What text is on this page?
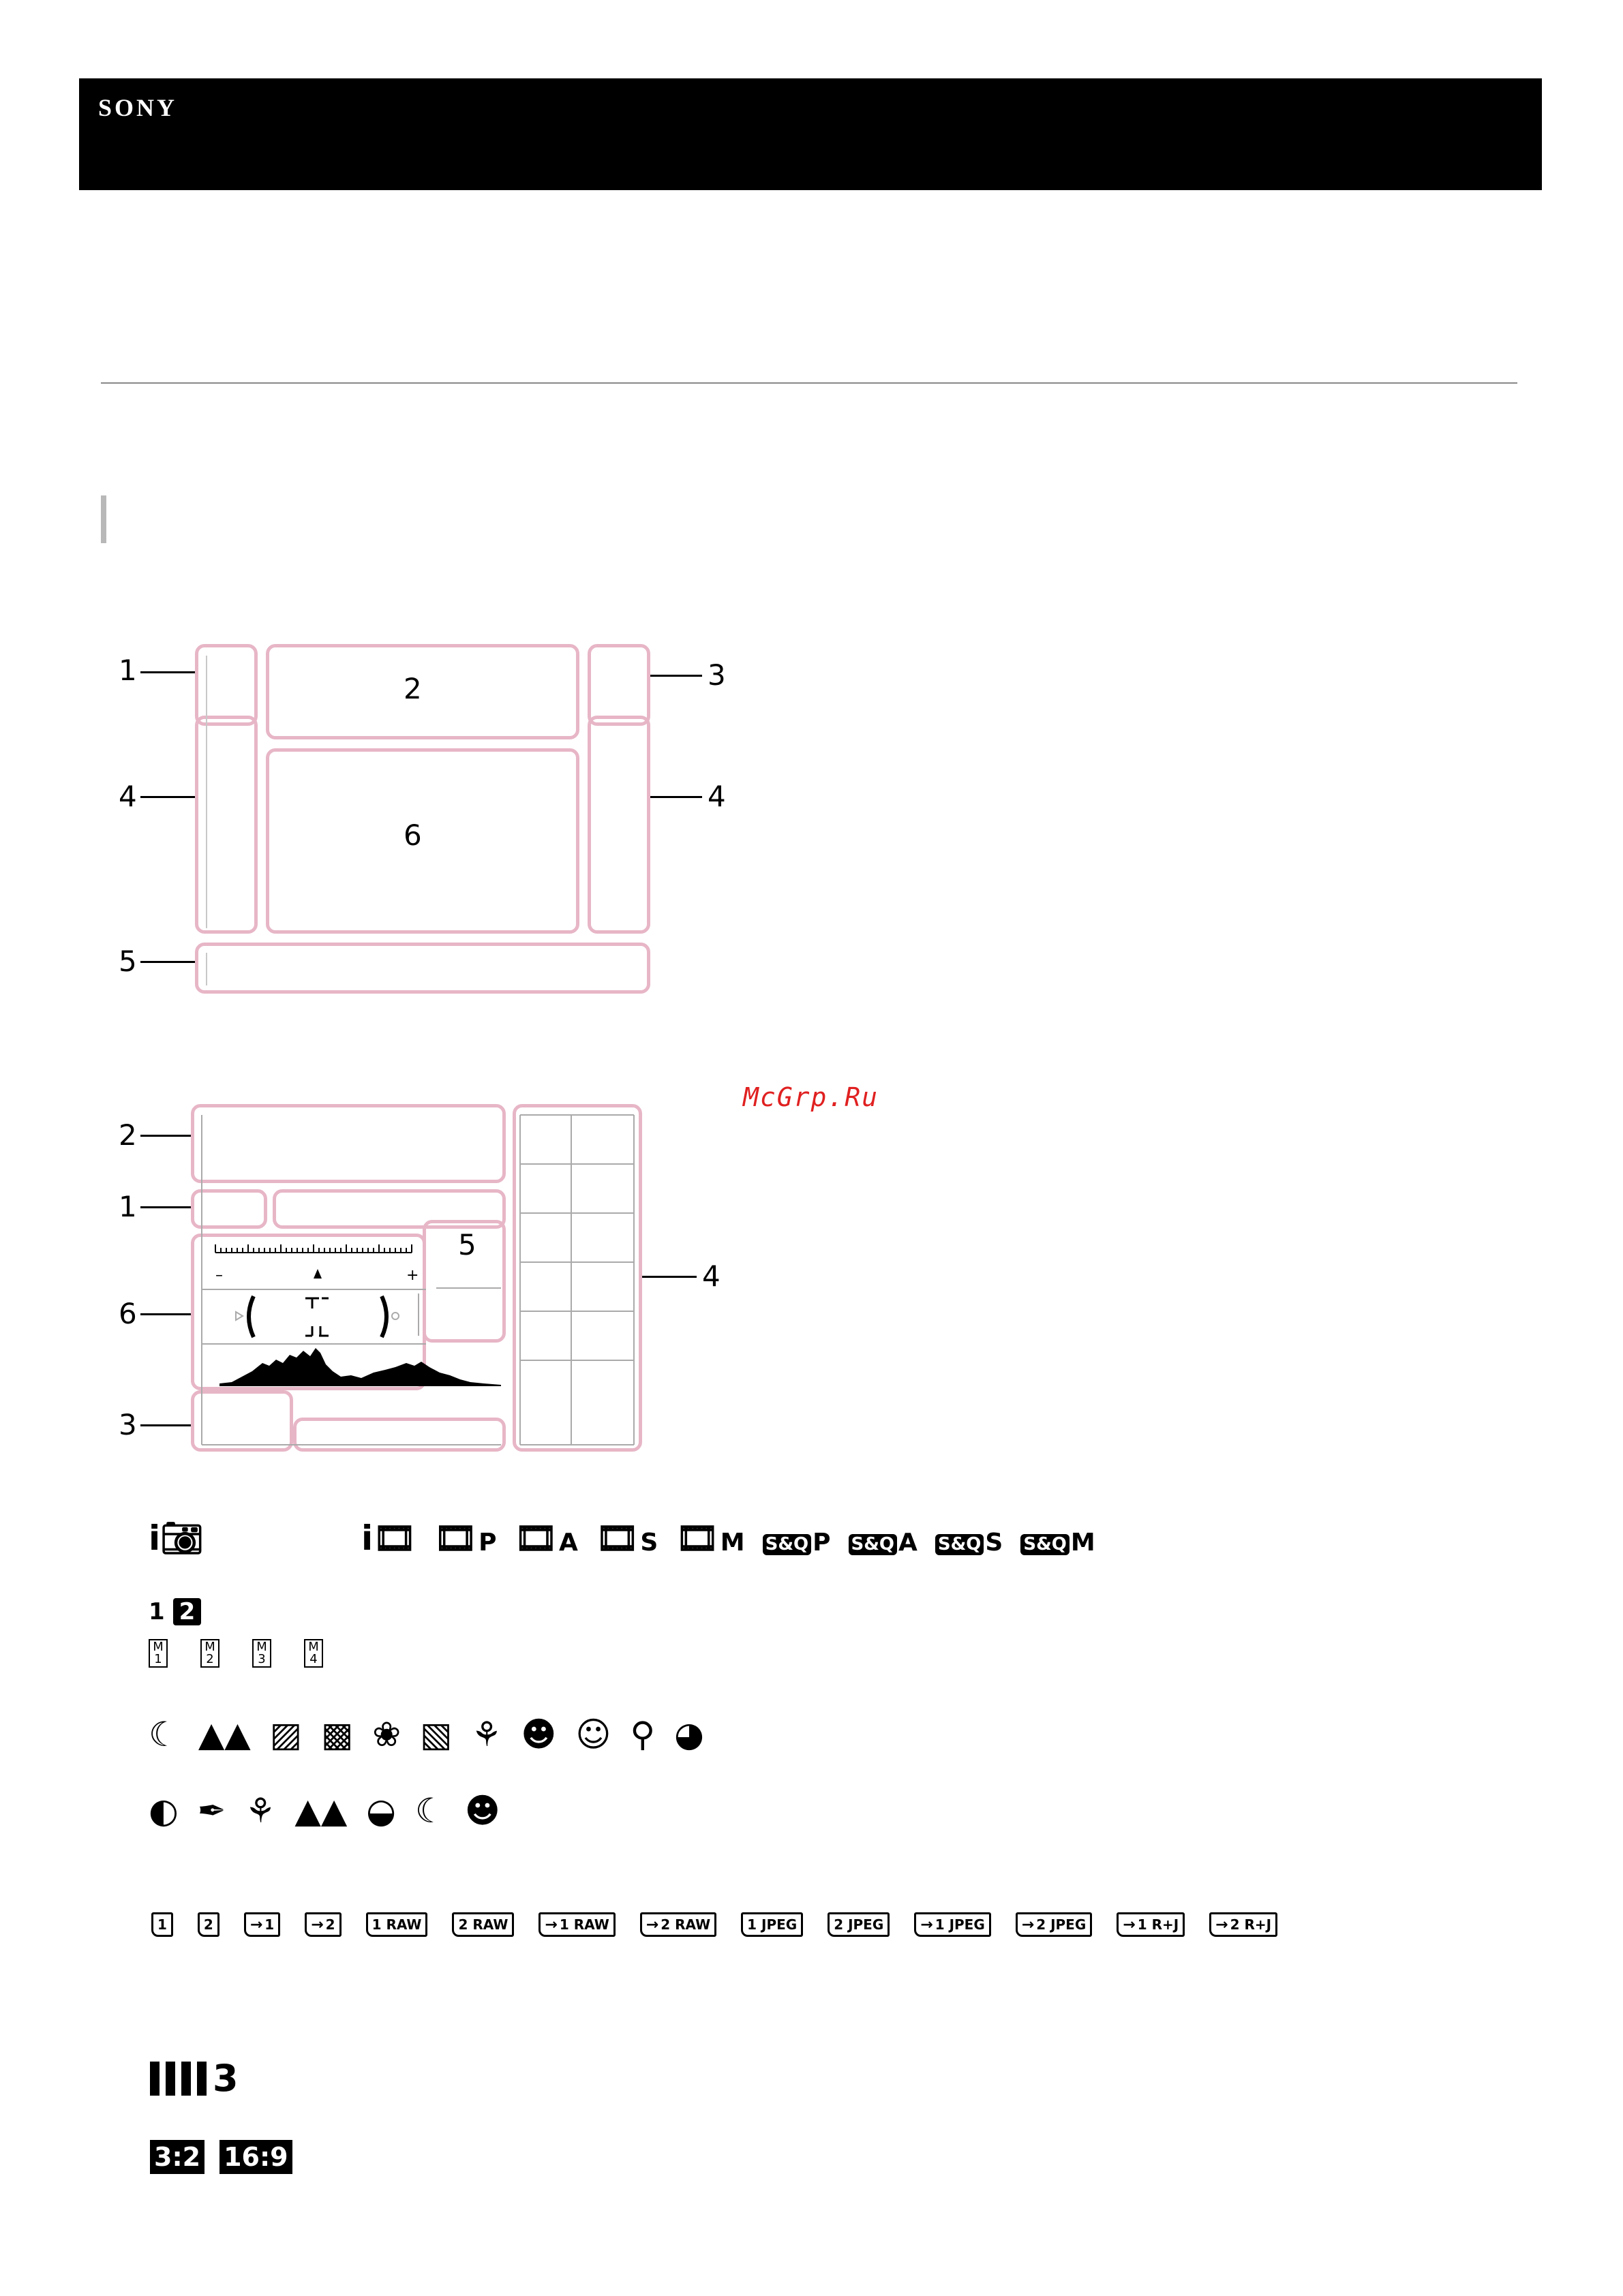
SONY
2
6
1	3
4	4
5
5
2
1
6
3
4
–	+
McGrp.Ru
i 📷︎	i🎞︎ 🎞︎ P 🎞︎ A 🎞︎ S 🎞︎ M S&Q P S&Q A S&Q S S&Q M
1 2
M
1
M
2
M
3
M
4
☾ ▲▲ ▨ ▩ ❀ ▧ ⚘ ☻ ☺ ⚲ ◕
◐ ✒ ⚘ ▲▲ ◒ ☾ ☻
1	2 → 1 → 2	1 RAW	2 RAW → 1 RAW → 2 RAW	1 JPEG	2 JPEG → 1 JPEG → 2 JPEG → 1 R+J → 2 R+J
3
3:2 16:9
